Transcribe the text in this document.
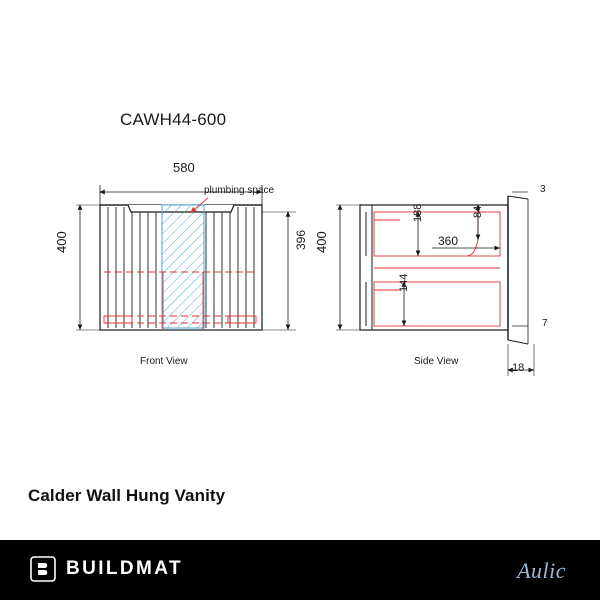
CAWH44-600
580
400	396
plumbing space
Front View	Side View
400
188	84
144
360
3
7
18
Calder Wall Hung Vanity
BUILDMAT	Aulic
